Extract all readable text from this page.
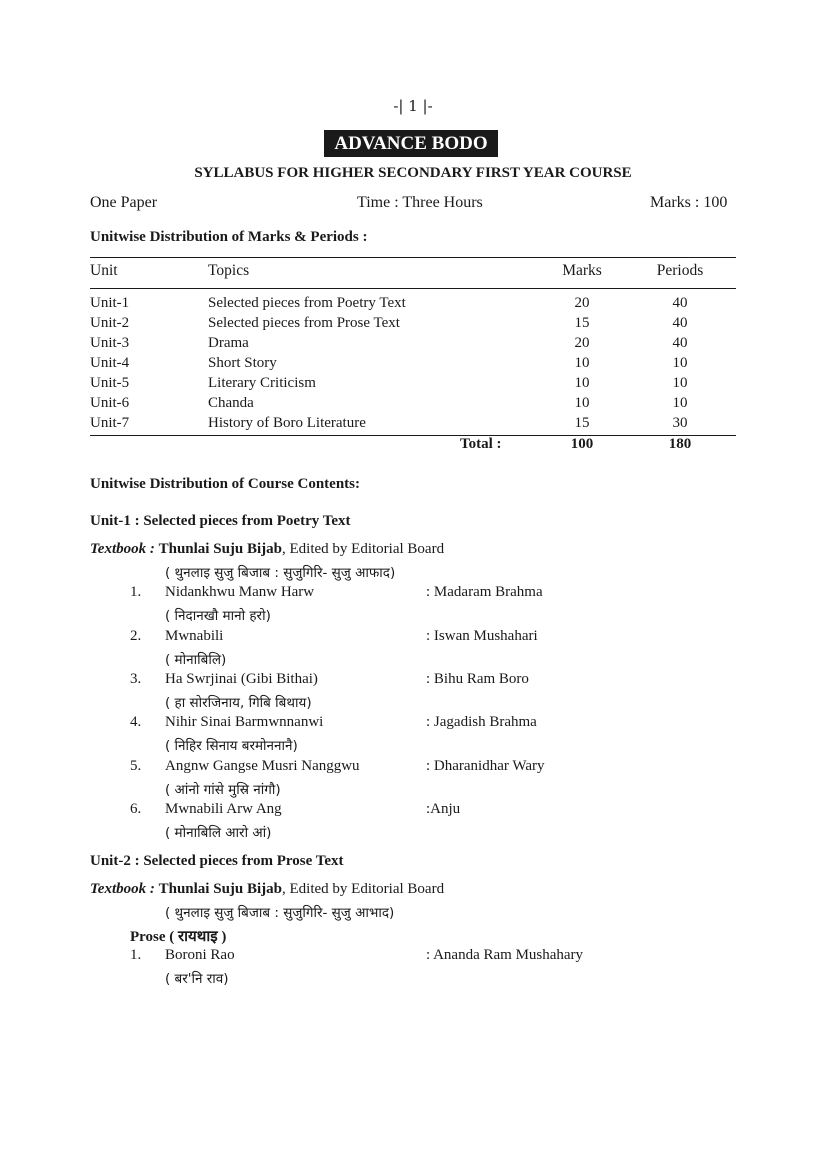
-| 1 |-
ADVANCE BODO
SYLLABUS FOR HIGHER SECONDARY FIRST YEAR COURSE
One Paper	Time : Three Hours	Marks : 100
Unitwise Distribution of Marks & Periods :
Unit	Topics	Marks	Periods
Unit-1	Selected pieces from Poetry Text	20	40
Unit-2	Selected pieces from Prose Text	15	40
Unit-3	Drama	20	40
Unit-4	Short Story	10	10
Unit-5	Literary Criticism	10	10
Unit-6	Chanda	10	10
Unit-7	History of Boro Literature	15	30
Total :	100	180
Unitwise Distribution of Course Contents:
Unit-1 : Selected pieces from Poetry Text
Textbook : Thunlai Suju Bijab, Edited by Editorial Board
( थुनलाइ सुजु बिजाब : सुजुगिरि- सुजु आफाद)
1. Nidankhwu Manw Harw	: Madaram Brahma
( निदानखौ मानो हरो)
2. Mwnabili	: Iswan Mushahari
( मोनाबिलि)
3. Ha Swrjinai (Gibi Bithai)	: Bihu Ram Boro
( हा सोरजिनाय, गिबि बिथाय)
4. Nihir Sinai Barmwnnanwi	: Jagadish Brahma
( निहिर सिनाय बरमोननानै)
5. Angnw Gangse Musri Nanggwu	: Dharanidhar Wary
( आंनो गांसे मुस्रि नांगौ)
6. Mwnabili Arw Ang	:Anju
( मोनाबिलि आरो आं)
Unit-2 : Selected pieces from Prose Text
Textbook : Thunlai Suju Bijab, Edited by Editorial Board
( थुनलाइ सुजु बिजाब : सुजुगिरि- सुजु आभाद)
Prose ( रायथाइ )
1. Boroni Rao	: Ananda Ram Mushahary
( बर'नि राव)
